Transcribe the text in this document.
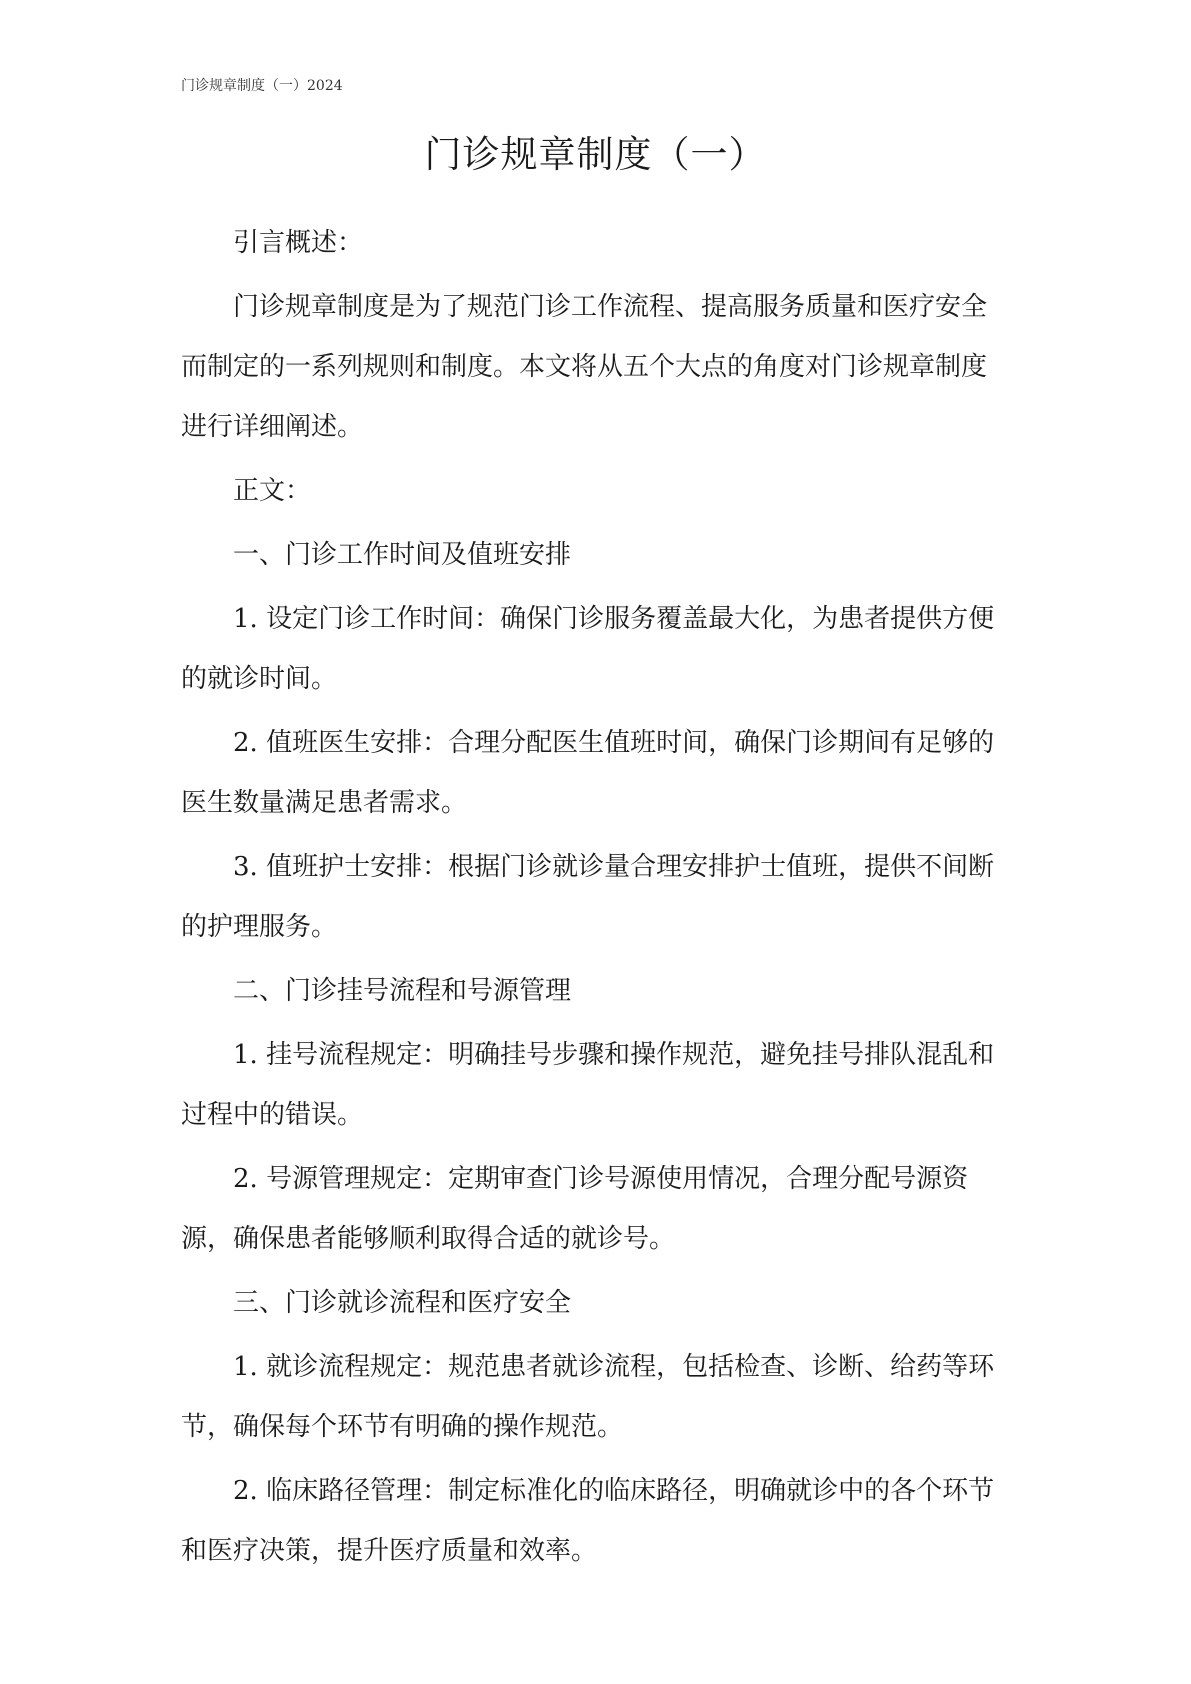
门诊规章制度（一）2024
门诊规章制度（一）

引言概述：

门诊规章制度是为了规范门诊工作流程、提高服务质量和医疗安全而制定的一系列规则和制度。本文将从五个大点的角度对门诊规章制度进行详细阐述。

正文：

一、门诊工作时间及值班安排

1. 设定门诊工作时间：确保门诊服务覆盖最大化，为患者提供方便的就诊时间。

2. 值班医生安排：合理分配医生值班时间，确保门诊期间有足够的医生数量满足患者需求。

3. 值班护士安排：根据门诊就诊量合理安排护士值班，提供不间断的护理服务。

二、门诊挂号流程和号源管理

1. 挂号流程规定：明确挂号步骤和操作规范，避免挂号排队混乱和过程中的错误。

2. 号源管理规定：定期审查门诊号源使用情况，合理分配号源资源，确保患者能够顺利取得合适的就诊号。

三、门诊就诊流程和医疗安全

1. 就诊流程规定：规范患者就诊流程，包括检查、诊断、给药等环节，确保每个环节有明确的操作规范。

2. 临床路径管理：制定标准化的临床路径，明确就诊中的各个环节和医疗决策，提升医疗质量和效率。
